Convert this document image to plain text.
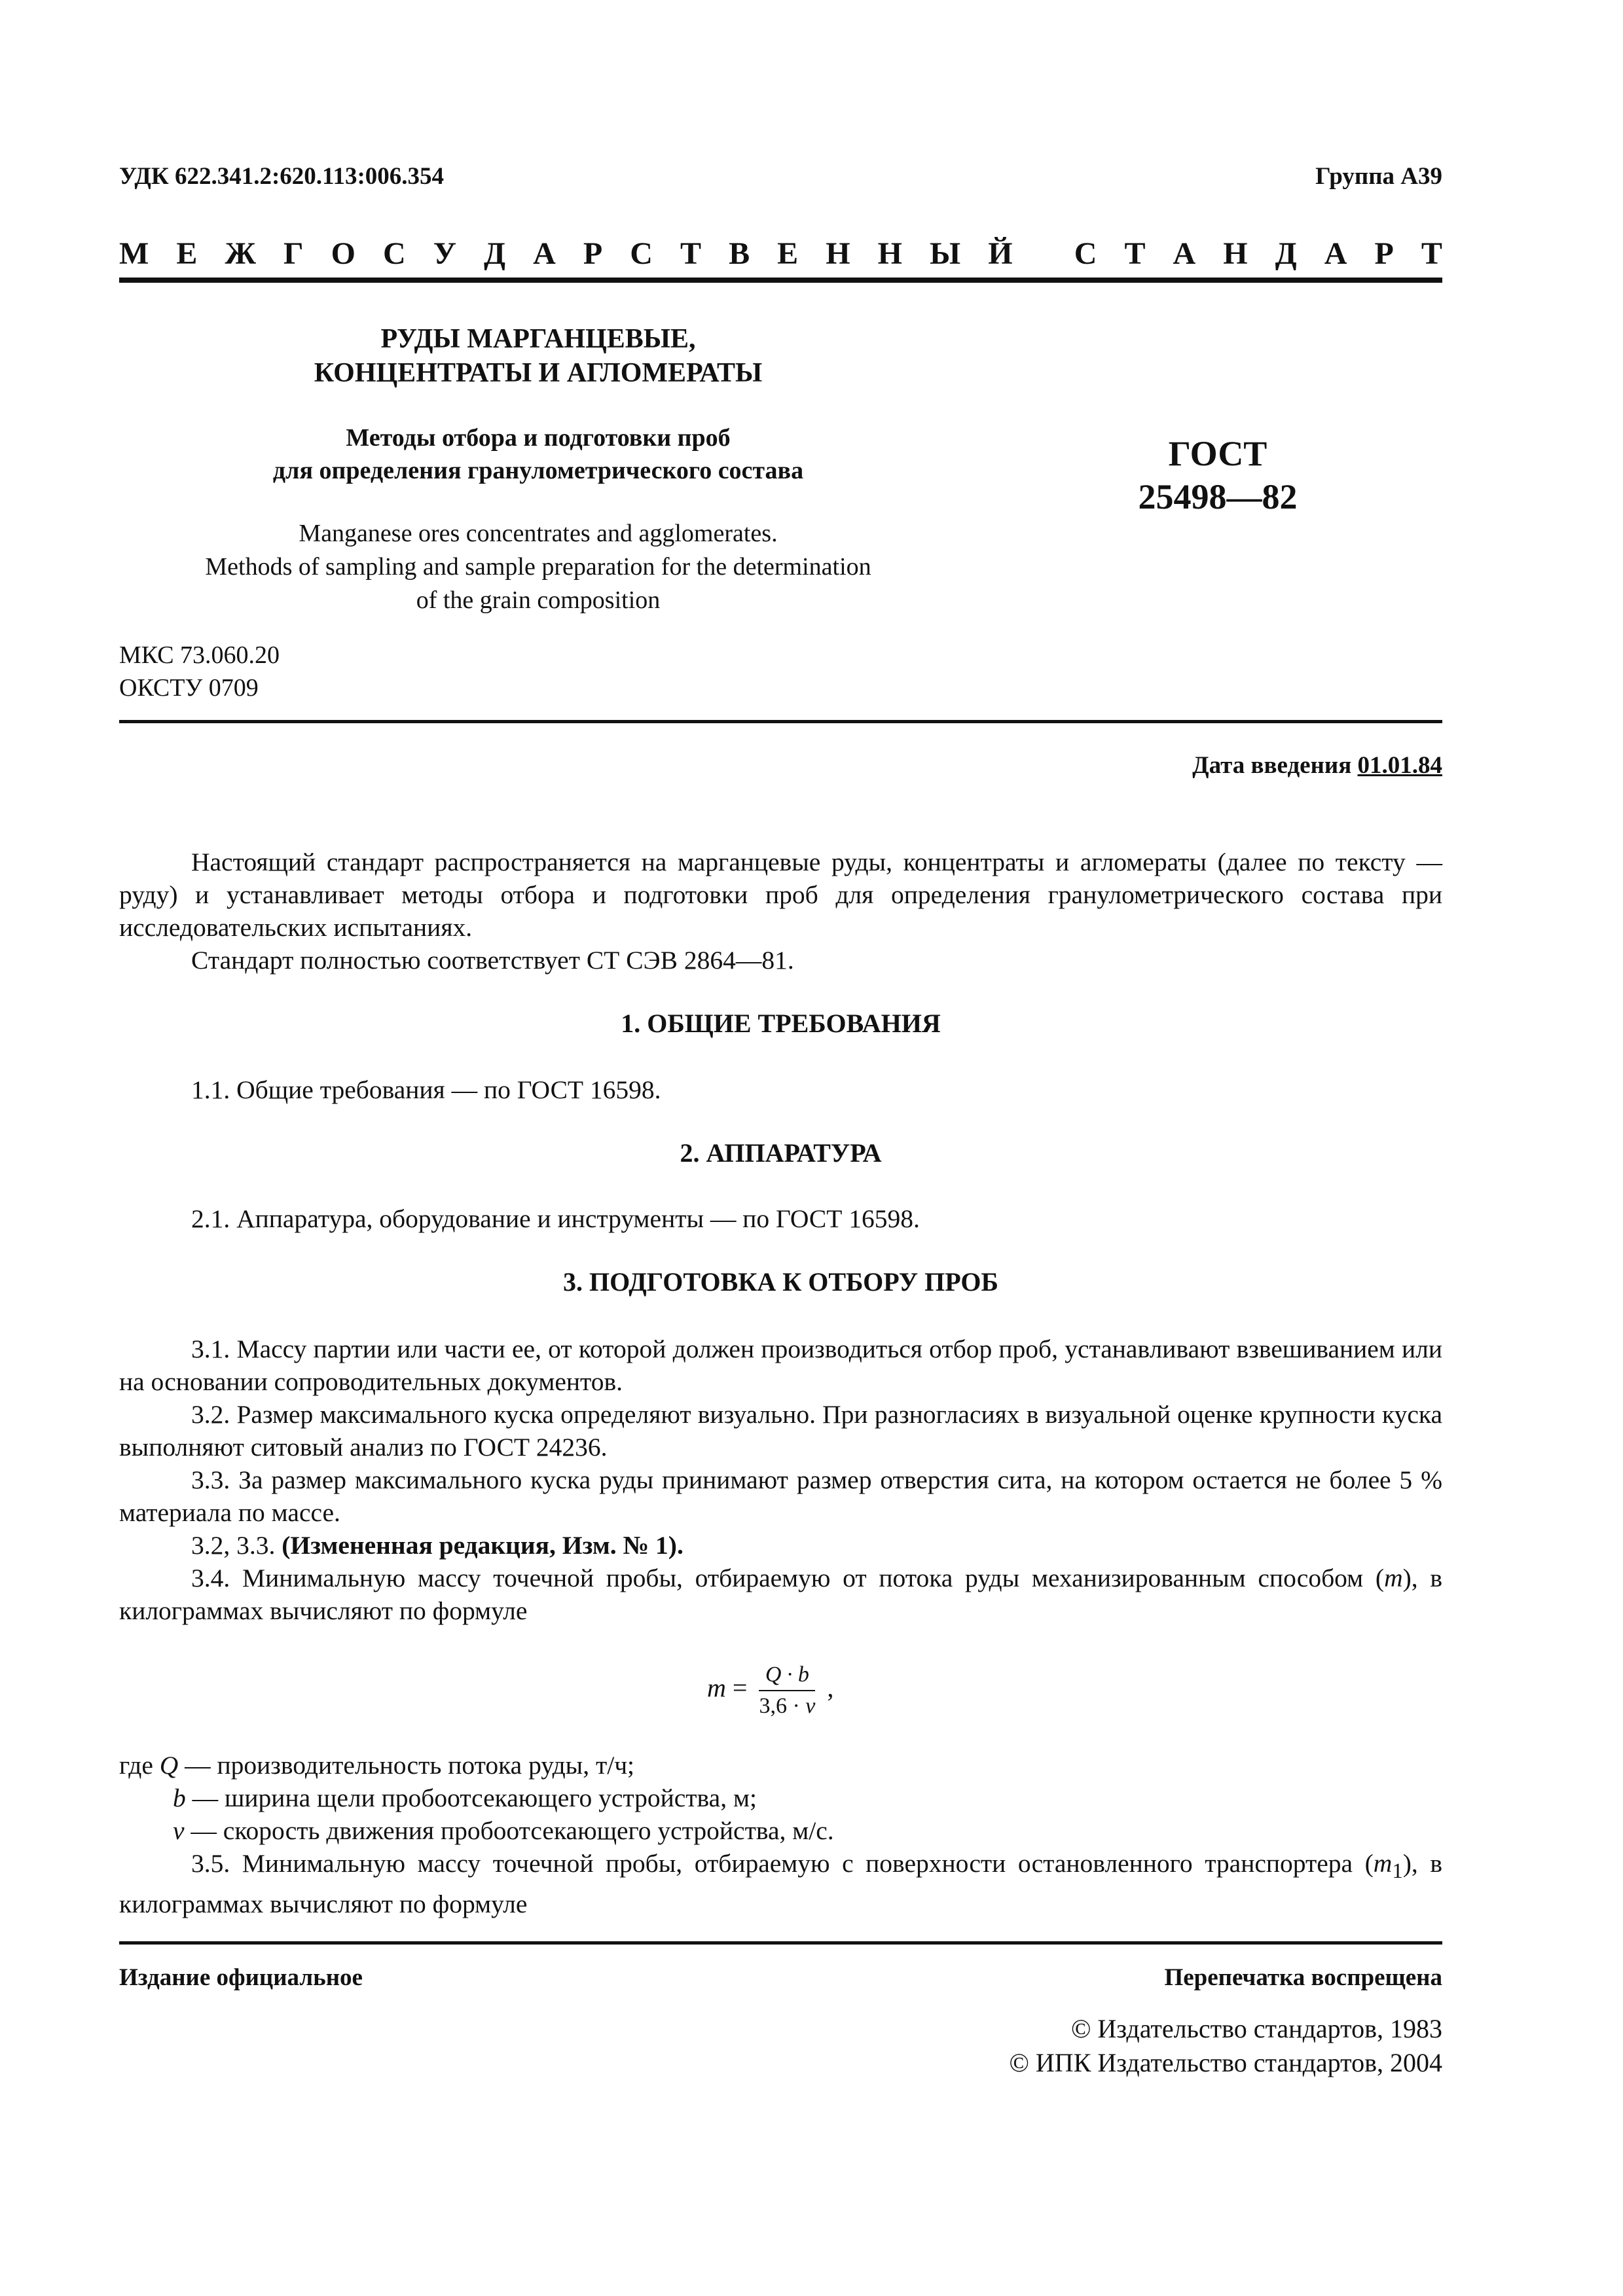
УДК 622.341.2:620.113:006.354	Группа А39
М Е Ж Г О С У Д А Р С Т В Е Н Н Ы Й С Т А Н Д А Р Т
РУДЫ МАРГАНЦЕВЫЕ,
КОНЦЕНТРАТЫ И АГЛОМЕРАТЫ
Методы отбора и подготовки проб
для определения гранулометрического состава
Manganese ores concentrates and agglomerates.
Methods of sampling and sample preparation for the determination
of the grain composition
ГОСТ
25498—82
МКС 73.060.20
ОКСТУ 0709
Дата введения 01.01.84

Настоящий стандарт распространяется на марганцевые руды, концентраты и агломераты (далее по тексту — руду) и устанавливает методы отбора и подготовки проб для определения гранулометрического состава при исследовательских испытаниях.

Стандарт полностью соответствует СТ СЭВ 2864—81.

1. ОБЩИЕ ТРЕБОВАНИЯ

1.1. Общие требования — по ГОСТ 16598.

2. АППАРАТУРА

2.1. Аппаратура, оборудование и инструменты — по ГОСТ 16598.

3. ПОДГОТОВКА К ОТБОРУ ПРОБ

3.1. Массу партии или части ее, от которой должен производиться отбор проб, устанавливают взвешиванием или на основании сопроводительных документов.

3.2. Размер максимального куска определяют визуально. При разногласиях в визуальной оценке крупности куска выполняют ситовый анализ по ГОСТ 24236.

3.3. За размер максимального куска руды принимают размер отверстия сита, на котором остается не более 5 % материала по массе.

3.2, 3.3. (Измененная редакция, Изм. № 1).

3.4. Минимальную массу точечной пробы, отбираемую от потока руды механизированным способом (m), в килограммах вычисляют по формуле

$m = \frac{Q \cdot b}{3,6 \cdot v}$ ,
где Q — производительность потока руды, т/ч;
b — ширина щели пробоотсекающего устройства, м;
v — скорость движения пробоотсекающего устройства, м/с.

3.5. Минимальную массу точечной пробы, отбираемую с поверхности остановленного транспортера $(m_1)$, в килограммах вычисляют по формуле

Издание официальное	Перепечатка воспрещена
© Издательство стандартов, 1983
© ИПК Издательство стандартов, 2004
